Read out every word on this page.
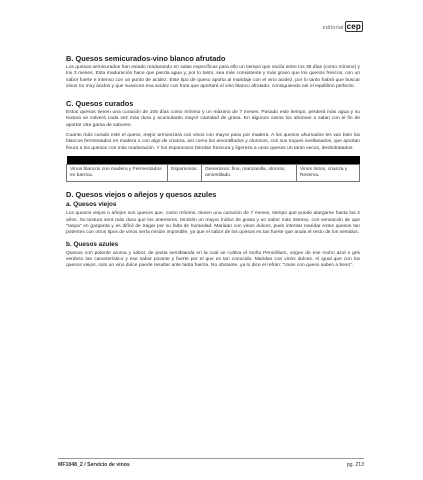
editorial cep
B. Quesos semicurados-vino blanco afrutado
Los quesos semicurados han estado madurando en salas específicas para ello un tiempo que oscila entre los 35 días (como mínimo) y los 3 meses. Esta maduración hace que pierda agua y, por lo tanto, sea más consistente y más graso que los quesos frescos, con un sabor fuerte e intenso con un punto de acidez. Este tipo de queso aporta al maridaje con el vino acidez, por lo tanto habrá que buscar vinos no muy ácidos y que suavicen esa acidez con fruta que aportará el vino blanco afrutado, consiguiendo así el equilibrio perfecto.
C. Quesos curados
Estos quesos tienen una curación de 105 días como mínimo y un máximo de 7 meses. Pasado este tiempo, perderá más agua y su textura se volverá cada vez más dura y acumularán mayor cantidad de grasa. En algunos casos los ahúman o salan con el fin de aportar otra gama de sabores.
Cuanto más curado esté el queso, mejor armonizará con vinos con mayor paso por madera. A los quesos ahumados les van bien los blancos fermentados en madera o con algo de crianza, así como los amontillados y olorosos, con sus toques avellanados, que aportan finura a los quesos con más maduración. Y los espumosos brindan frescura y ligereza a unos quesos un tanto secos, deshidratados.

Vinos blancos con madera y Fermentados en barrica.	Espumosos.	Generosos: fino, manzanilla, oloroso, amontillado.	Vinos tintos, crianza y Reserva.
D. Quesos viejos o añejos y quesos azules
a. Quesos viejos
Los quesos viejos o añejos son quesos que, como mínimo, tienen una curación de 7 meses, tiempo que puede alargarse hasta los 2 años. Su textura será más dura que los anteriores, tendrán un mayor índice de grasa y un sabor más intenso, con sensación de que “raspa” en garganta y es difícil de tragar por su falta de humedad. Maridan con vinos dulces, pues intentar maridar estos quesos tan potentes con otros tipos de vinos sería misión imposible, ya que el sabor de los quesos es tan fuerte que anula el resto de los sentidos.
b. Quesos azules
Quesos con potente aroma y sabor, de pasta semiblanda en la cual se cultiva el moho Penicillium, origen de ese moho azul o gris verdoso tan característico y ese sabor picante y fuerte por el que es tan conocido. Maridan con vinos dulces. Al igual que con los quesos viejos, solo un vino dulce puede resultar ante tanta fuerza. No obstante, ya lo dice el refrán: “Uvas con queso saben a beso”.
MF1048_2 / Servicio de vinos	pg. 213
